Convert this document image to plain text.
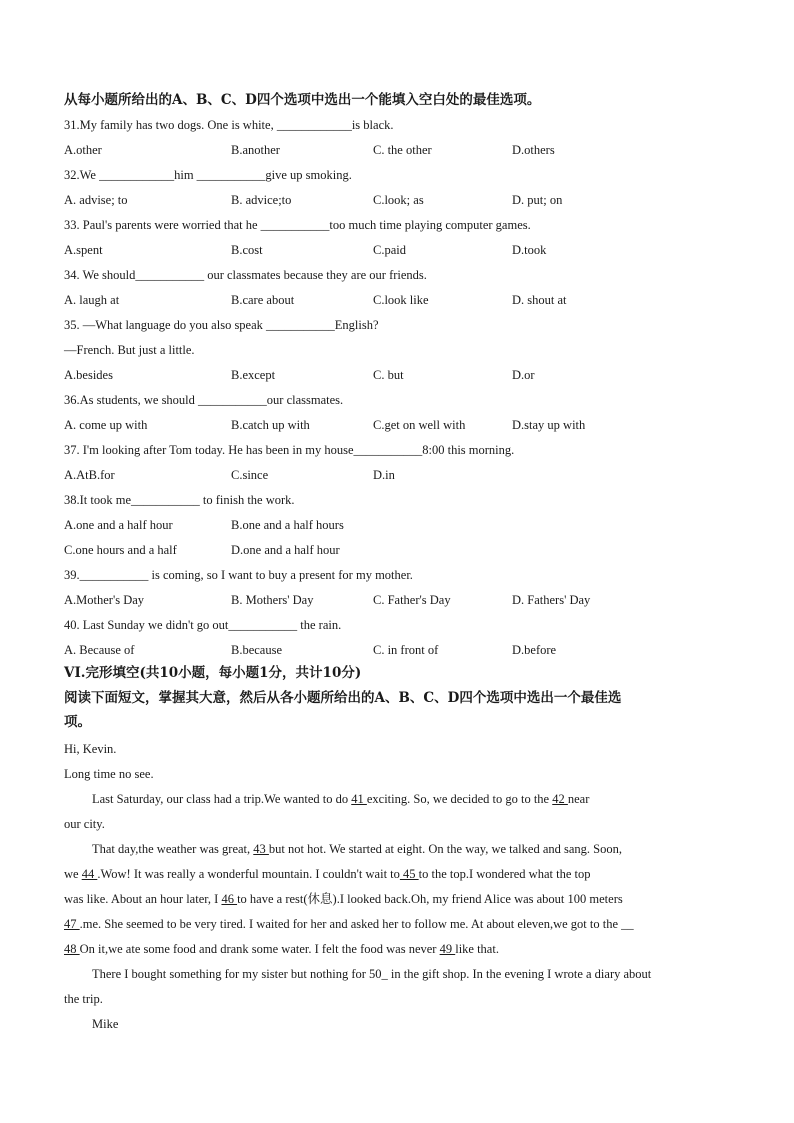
从每小题所给出的A、B、C、D四个选项中选出一个能填入空白处的最佳选项。
31.My family has two dogs. One is white, ____________is black.
A.other	B.another	C. the other	D.others
32.We ____________him ___________give up smoking.
A. advise; to	B. advice;to	C.look; as	D. put; on
33. Paul's parents were worried that he ___________too much time playing computer games.
A.spent	B.cost	C.paid	D.took
34. We should___________ our classmates because they are our friends.
A. laugh at	B.care about	C.look like	D. shout at
35. —What language do you also speak ___________English?
—French. But just a little.
A.besides	B.except	C. but	D.or
36.As students, we should ___________our classmates.
A. come up with	B.catch up with	C.get on well with	D.stay up with
37. I'm looking after Tom today. He has been in my house___________8:00 this morning.
A.AtB.for	C.since	D.in
38.It took me___________ to finish the work.
A.one and a half hour	B.one and a half hours
C.one hours and a half	D.one and a half hour
39.___________ is coming, so I want to buy a present for my mother.
A.Mother's Day	B. Mothers' Day	C. Father's Day	D. Fathers' Day
40. Last Sunday we didn't go out___________ the rain.
A. Because of	B.because	C. in front of	D.before
VI.完形填空(共10小题，每小题1分，共计10分)
阅读下面短文，掌握其大意，然后从各小题所给出的A、B、C、D四个选项中选出一个最佳选
项。
Hi, Kevin.
Long time no see.
Last Saturday, our class had a trip.We wanted to do 41 exciting. So, we decided to go to the 42 near
our city.
That day,the weather was great, 43 but not hot. We started at eight. On the way, we talked and sang. Soon,
we 44 .Wow! It was really a wonderful mountain. I couldn't wait to 45 to the top.I wondered what the top
was like. About an hour later, I 46 to have a rest(休息).I looked back.Oh, my friend Alice was about 100 meters
47 .me. She seemed to be very tired. I waited for her and asked her to follow me. At about eleven,we got to the __
48 On it,we ate some food and drank some water. I felt the food was never 49 like that.
There I bought something for my sister but nothing for 50_ in the gift shop. In the evening I wrote a diary about
the trip.
Mike
